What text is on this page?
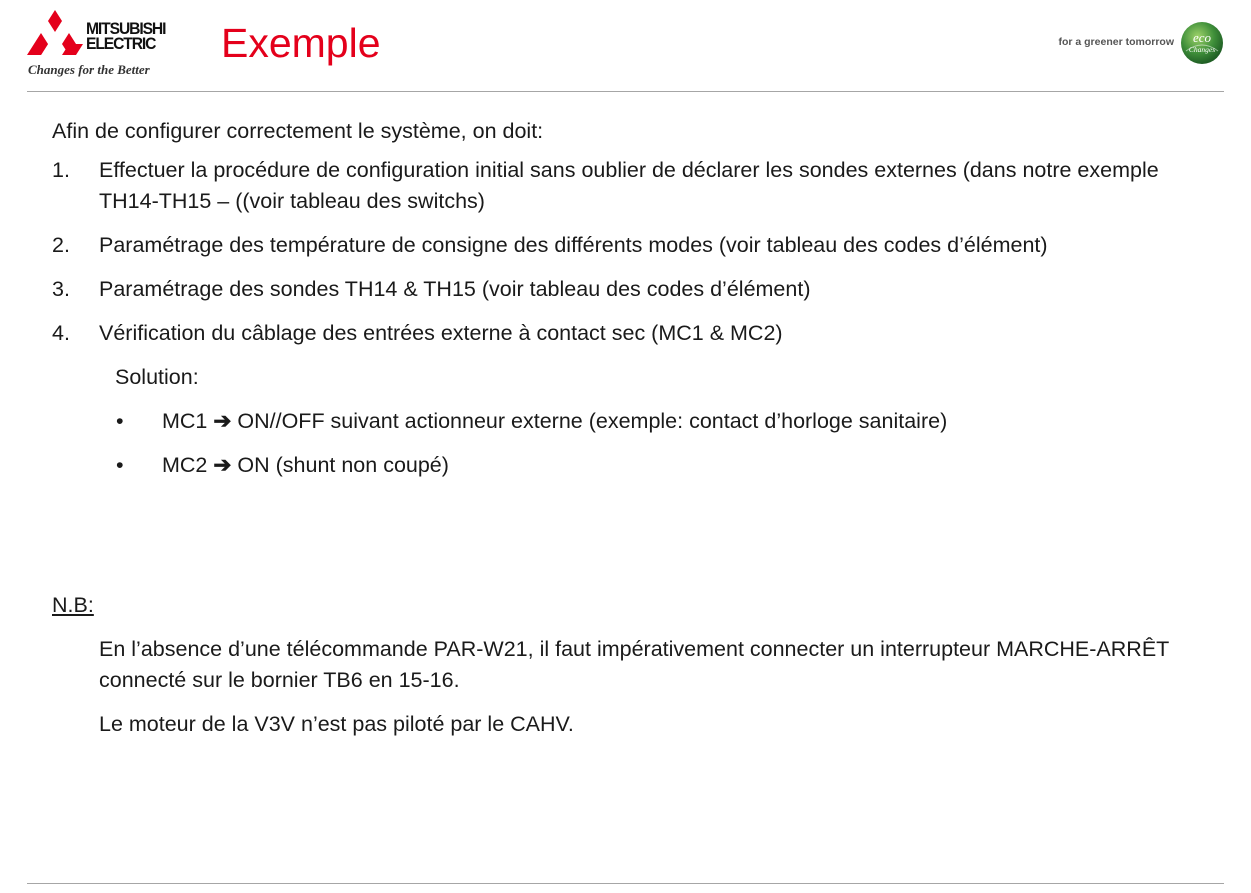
MITSUBISHI
ELECTRIC
Changes for the Better
Exemple	for a greener tomorrow eco
Changes

Afin de configurer correctement le système, on doit:

1. Effectuer la procédure de configuration initial sans oublier de déclarer les sondes externes (dans notre exemple TH14-TH15 – ((voir tableau des switchs)
2. Paramétrage des température de consigne des différents modes (voir tableau des codes d’élément)
3. Paramétrage des sondes TH14 & TH15 (voir tableau des codes d’élément)
4. Vérification du câblage des entrées externe à contact sec (MC1 & MC2)

Solution:

• MC1 ➔ ON//OFF suivant actionneur externe (exemple: contact d’horloge sanitaire)
• MC2 ➔ ON (shunt non coupé)

N.B:

En l’absence d’une télécommande PAR-W21, il faut impérativement connecter un interrupteur MARCHE-ARRÊT connecté sur le bornier TB6 en 15-16.

Le moteur de la V3V n’est pas piloté par le CAHV.
